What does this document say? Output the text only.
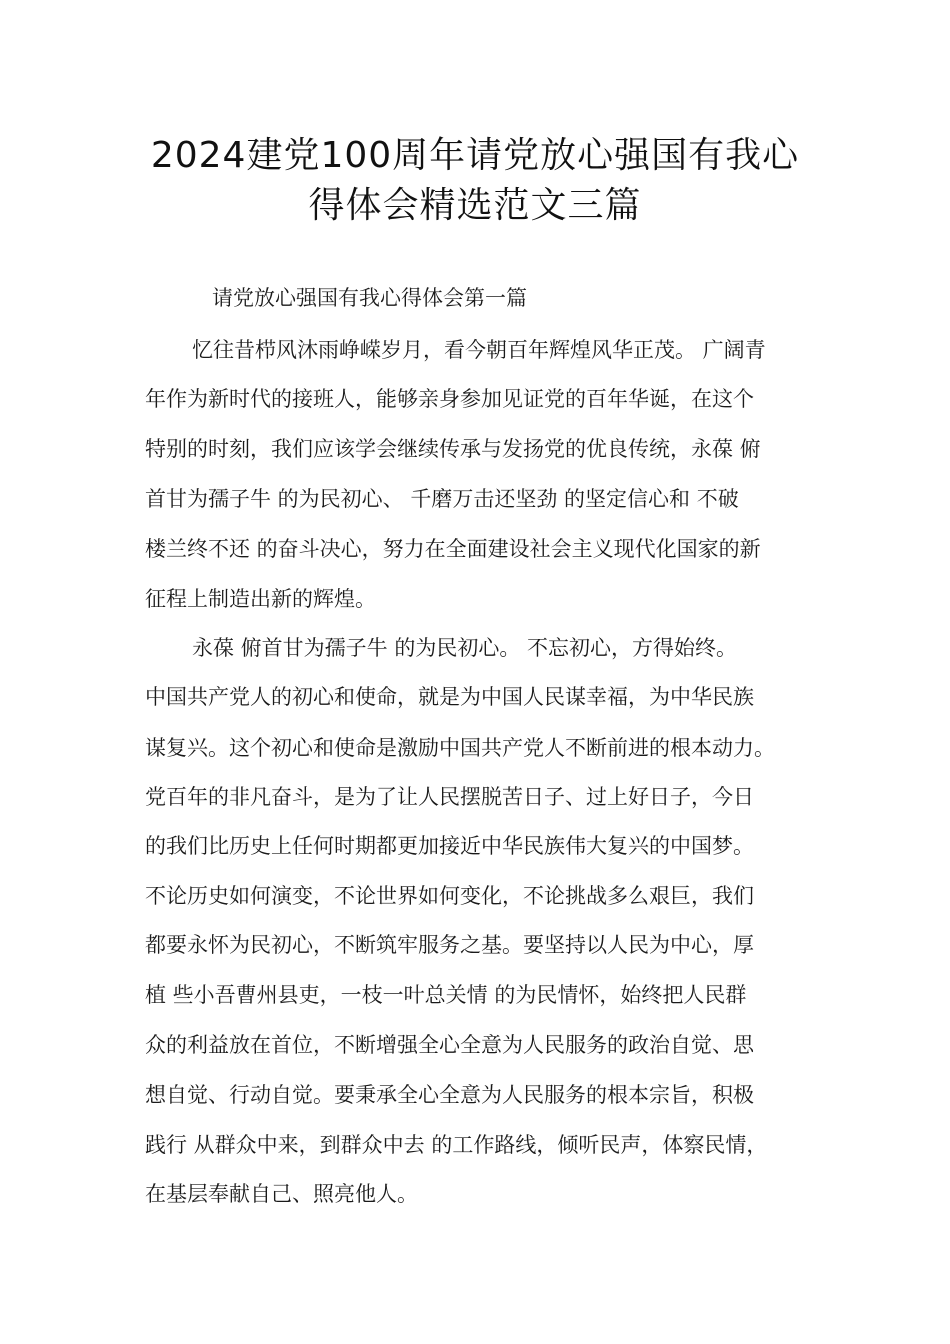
2024建党100周年请党放心强国有我心
得体会精选范文三篇
请党放心强国有我心得体会第一篇
忆往昔栉风沐雨峥嵘岁月，看今朝百年辉煌风华正茂。 广阔青
年作为新时代的接班人，能够亲身参加见证党的百年华诞，在这个
特别的时刻，我们应该学会继续传承与发扬党的优良传统，永葆 俯
首甘为孺子牛 的为民初心、 千磨万击还坚劲 的坚定信心和 不破
楼兰终不还 的奋斗决心，努力在全面建设社会主义现代化国家的新
征程上制造出新的辉煌。
永葆 俯首甘为孺子牛 的为民初心。 不忘初心，方得始终。
中国共产党人的初心和使命，就是为中国人民谋幸福，为中华民族
谋复兴。这个初心和使命是激励中国共产党人不断前进的根本动力。
党百年的非凡奋斗，是为了让人民摆脱苦日子、过上好日子，今日
的我们比历史上任何时期都更加接近中华民族伟大复兴的中国梦。
不论历史如何演变，不论世界如何变化，不论挑战多么艰巨，我们
都要永怀为民初心，不断筑牢服务之基。要坚持以人民为中心，厚
植 些小吾曹州县吏，一枝一叶总关情 的为民情怀，始终把人民群
众的利益放在首位，不断增强全心全意为人民服务的政治自觉、思
想自觉、行动自觉。要秉承全心全意为人民服务的根本宗旨，积极
践行 从群众中来，到群众中去 的工作路线，倾听民声，体察民情，
在基层奉献自己、照亮他人。
